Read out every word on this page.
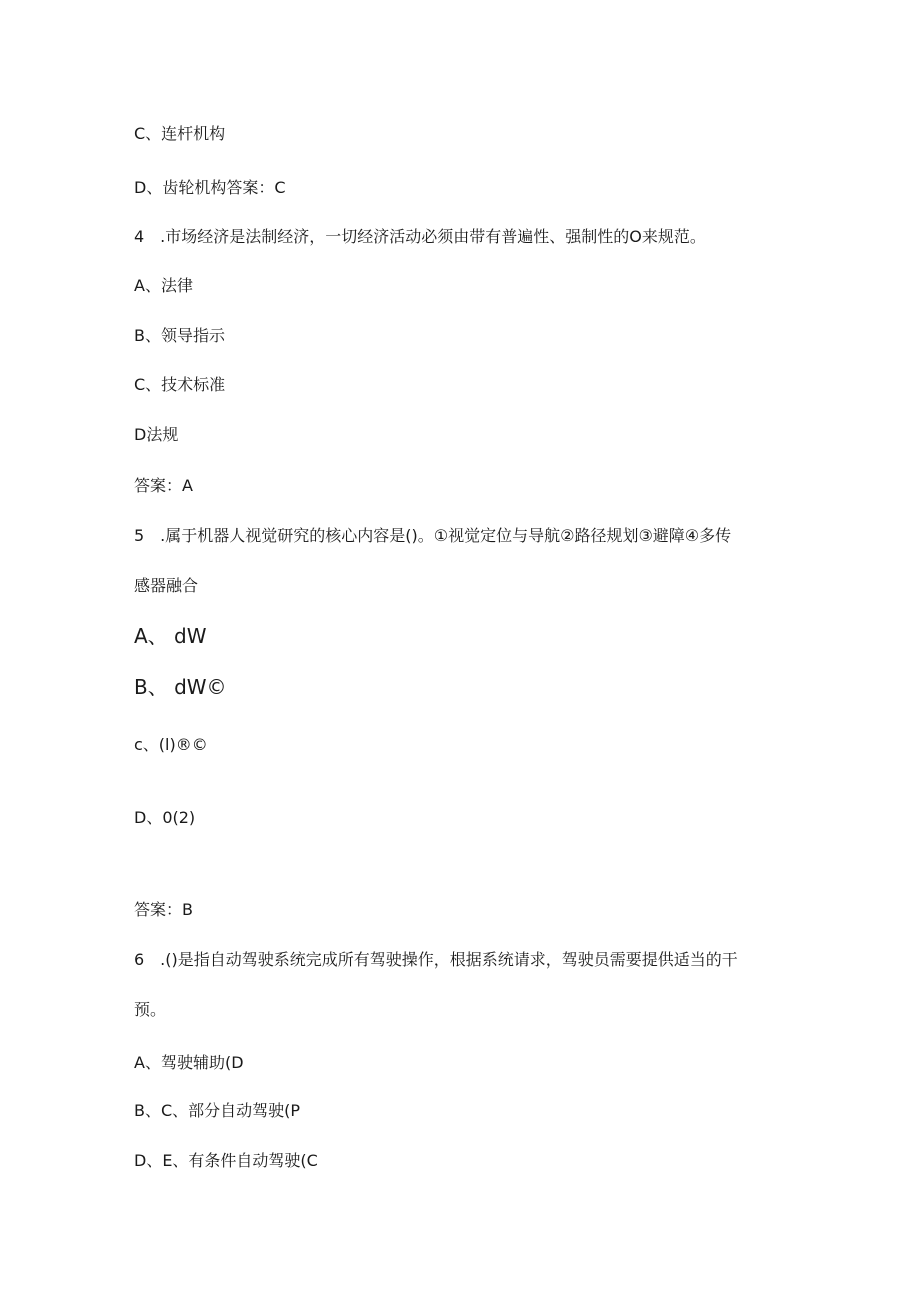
C、连杆机构

D、齿轮机构答案：C

4　.市场经济是法制经济，一切经济活动必须由带有普遍性、强制性的O来规范。

A、法律

B、领导指示

C、技术标准

D法规

答案：A

5　.属于机器人视觉研究的核心内容是()。①视觉定位与导航②路径规划③避障④多传

感器融合

A、 dW

B、 dW©

c、(l)®©

D、0(2)

答案：B

6　.()是指自动驾驶系统完成所有驾驶操作，根据系统请求，驾驶员需要提供适当的干

预。

A、驾驶辅助(D

B、C、部分自动驾驶(P

D、E、有条件自动驾驶(C
